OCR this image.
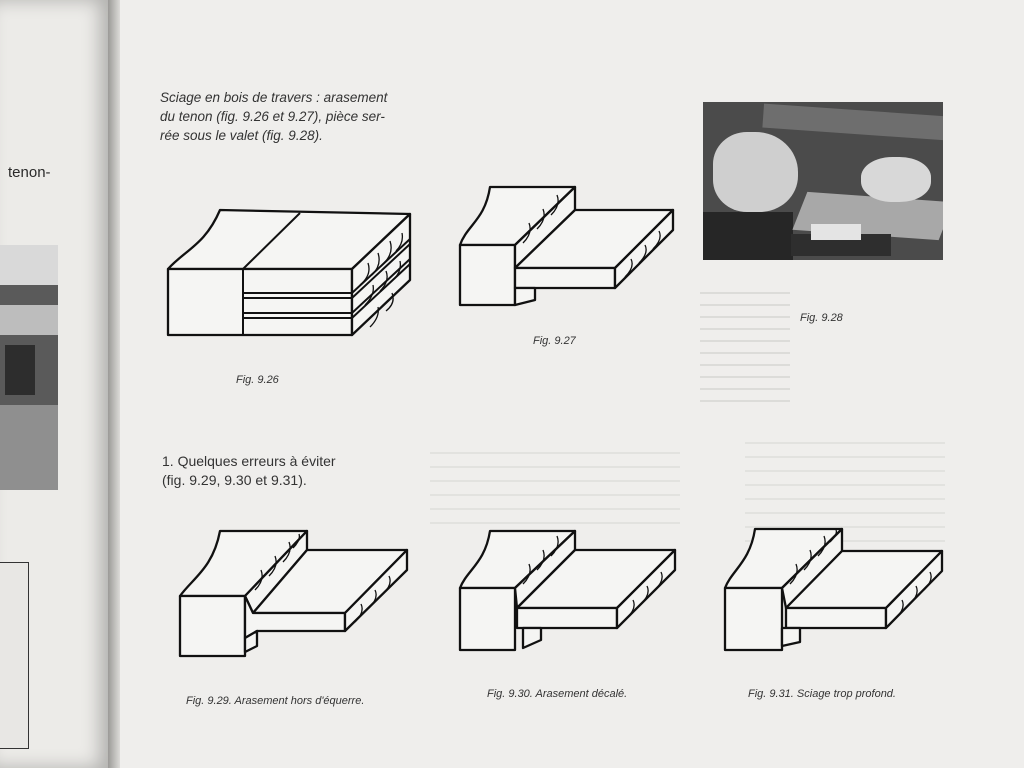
tenon-
Sciage en bois de travers : arasement
du tenon (fig. 9.26 et 9.27), pièce ser-
rée sous le valet (fig. 9.28).
Fig. 9.26
Fig. 9.27
Fig. 9.28
1. Quelques erreurs à éviter
(fig. 9.29, 9.30 et 9.31).
Fig. 9.29. Arasement hors d'équerre.
Fig. 9.30. Arasement décalé.	Fig. 9.31. Sciage trop profond.
